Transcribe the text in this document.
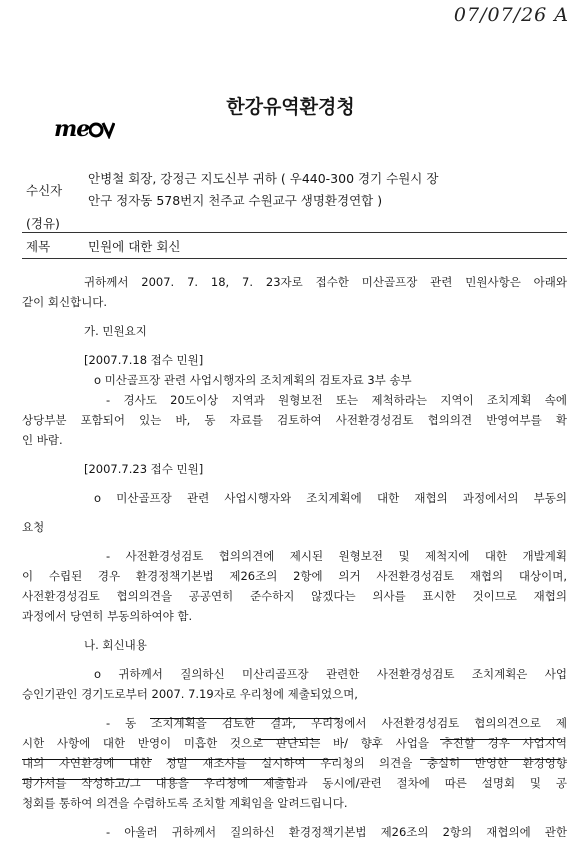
07/07/26 A
me
한강유역환경청
수신자
안병철 회장, 강정근 지도신부 귀하 ( 우440-300 경기 수원시 장
안구 정자동 578번지 천주교 수원교구 생명환경연합 )
(경유)
제목	민원에 대한 회신
귀하께서 2007. 7. 18, 7. 23자로 접수한 미산골프장 관련 민원사항은 아래와
같이 회신합니다.
가. 민원요지
[2007.7.18 접수 민원]
o 미산골프장 관련 사업시행자의 조치계획의 검토자료 3부 송부
- 경사도 20도이상 지역과 원형보전 또는 제척하라는 지역이 조치계획 속에
상당부분 포함되어 있는 바, 동 자료를 검토하여 사전환경성검토 협의의견 반영여부를 확
인 바람.
[2007.7.23 접수 민원]
o 미산골프장 관련 사업시행자와 조치계획에 대한 재협의 과정에서의 부동의
요청
- 사전환경성검토 협의의견에 제시된 원형보전 및 제척지에 대한 개발계획
이 수립된 경우 환경정책기본법 제26조의 2항에 의거 사전환경성검토 재협의 대상이며,
사전환경성검토 협의의견을 공공연히 준수하지 않겠다는 의사를 표시한 것이므로 재협의
과정에서 당연히 부동의하여야 함.
나. 회신내용
o 귀하께서 질의하신 미산리골프장 관련한 사전환경성검토 조치계획은 사업
승인기관인 경기도로부터 2007. 7.19자로 우리청에 제출되었으며,
- 동 조치계획을 검토한 결과, 우리청에서 사전환경성검토 협의의견으로 제
시한 사항에 대한 반영이 미흡한 것으로 판단되는 바/ 향후 사업을 추진할 경우 사업지역
내의 자연환경에 대한 정밀 재조사를 실시하여 우리청의 의견을 충실히 반영한 환경영향
평가서를 작성하고/그 내용을 우리청에 제출함과 동시에/관련 절차에 따른 설명회 및 공
청회를 통하여 의견을 수렴하도록 조치할 계획임을 알려드립니다.
- 아울러 귀하께서 질의하신 환경정책기본법 제26조의 2항의 재협의에 관한
